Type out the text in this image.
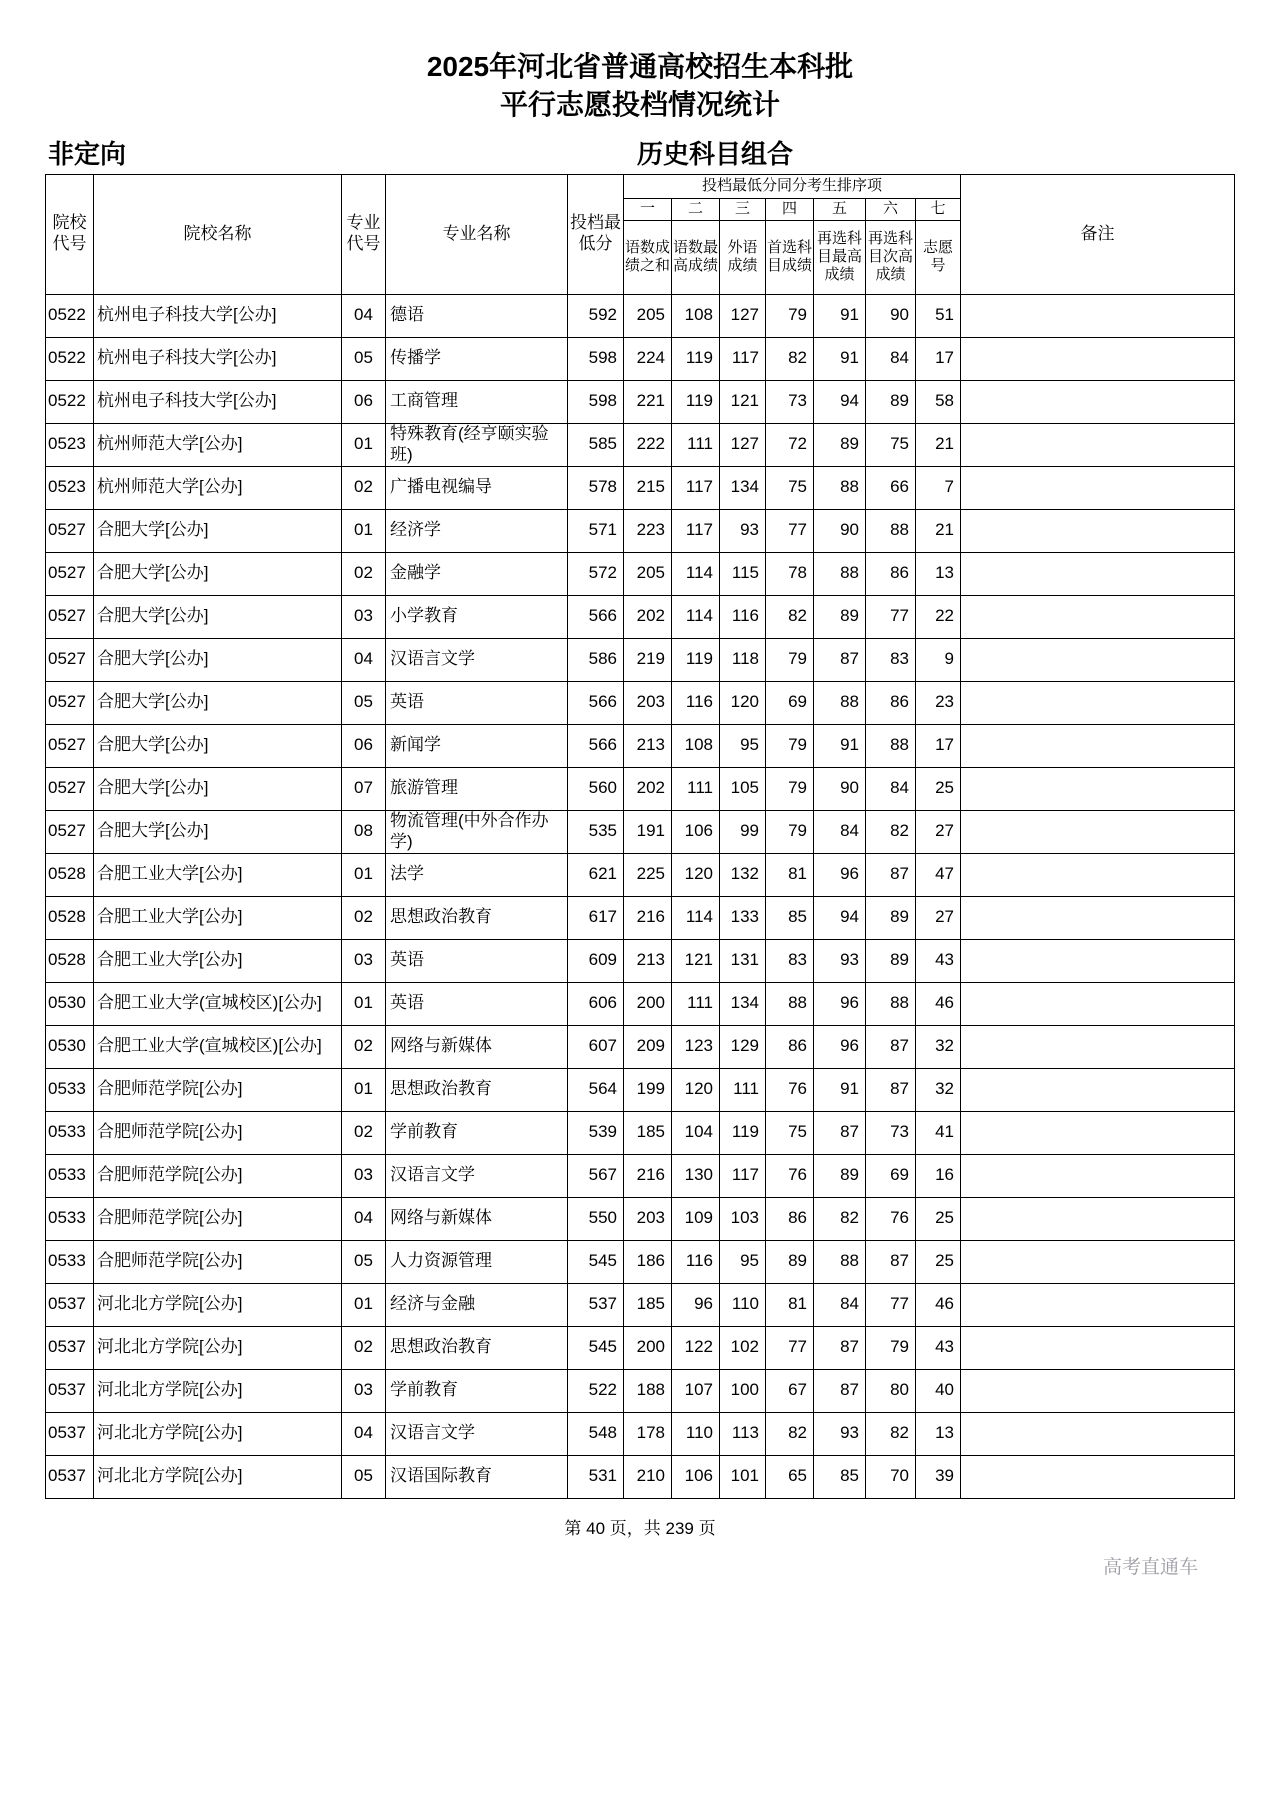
2025年河北省普通高校招生本科批
平行志愿投档情况统计
非定向	历史科目组合
院校代号	院校名称	专业代号	专业名称	投档最低分	投档最低分同分考生排序项							备注
					一	二	三	四	五	六	七	
					语数成绩之和	语数最高成绩	外语成绩	首选科目成绩	再选科目最高成绩	再选科目次高成绩	志愿号	
0522	杭州电子科技大学[公办]	04	德语	592	205	108	127	79	91	90	51	
0522	杭州电子科技大学[公办]	05	传播学	598	224	119	117	82	91	84	17	
0522	杭州电子科技大学[公办]	06	工商管理	598	221	119	121	73	94	89	58	
0523	杭州师范大学[公办]	01	特殊教育(经亨颐实验班)	585	222	111	127	72	89	75	21	
0523	杭州师范大学[公办]	02	广播电视编导	578	215	117	134	75	88	66	7	
0527	合肥大学[公办]	01	经济学	571	223	117	93	77	90	88	21	
0527	合肥大学[公办]	02	金融学	572	205	114	115	78	88	86	13	
0527	合肥大学[公办]	03	小学教育	566	202	114	116	82	89	77	22	
0527	合肥大学[公办]	04	汉语言文学	586	219	119	118	79	87	83	9	
0527	合肥大学[公办]	05	英语	566	203	116	120	69	88	86	23	
0527	合肥大学[公办]	06	新闻学	566	213	108	95	79	91	88	17	
0527	合肥大学[公办]	07	旅游管理	560	202	111	105	79	90	84	25	
0527	合肥大学[公办]	08	物流管理(中外合作办学)	535	191	106	99	79	84	82	27	
0528	合肥工业大学[公办]	01	法学	621	225	120	132	81	96	87	47	
0528	合肥工业大学[公办]	02	思想政治教育	617	216	114	133	85	94	89	27	
0528	合肥工业大学[公办]	03	英语	609	213	121	131	83	93	89	43	
0530	合肥工业大学(宣城校区)[公办]	01	英语	606	200	111	134	88	96	88	46	
0530	合肥工业大学(宣城校区)[公办]	02	网络与新媒体	607	209	123	129	86	96	87	32	
0533	合肥师范学院[公办]	01	思想政治教育	564	199	120	111	76	91	87	32	
0533	合肥师范学院[公办]	02	学前教育	539	185	104	119	75	87	73	41	
0533	合肥师范学院[公办]	03	汉语言文学	567	216	130	117	76	89	69	16	
0533	合肥师范学院[公办]	04	网络与新媒体	550	203	109	103	86	82	76	25	
0533	合肥师范学院[公办]	05	人力资源管理	545	186	116	95	89	88	87	25	
0537	河北北方学院[公办]	01	经济与金融	537	185	96	110	81	84	77	46	
0537	河北北方学院[公办]	02	思想政治教育	545	200	122	102	77	87	79	43	
0537	河北北方学院[公办]	03	学前教育	522	188	107	100	67	87	80	40	
0537	河北北方学院[公办]	04	汉语言文学	548	178	110	113	82	93	82	13	
0537	河北北方学院[公办]	05	汉语国际教育	531	210	106	101	65	85	70	39	
第 40 页，共 239 页
高考直通车
